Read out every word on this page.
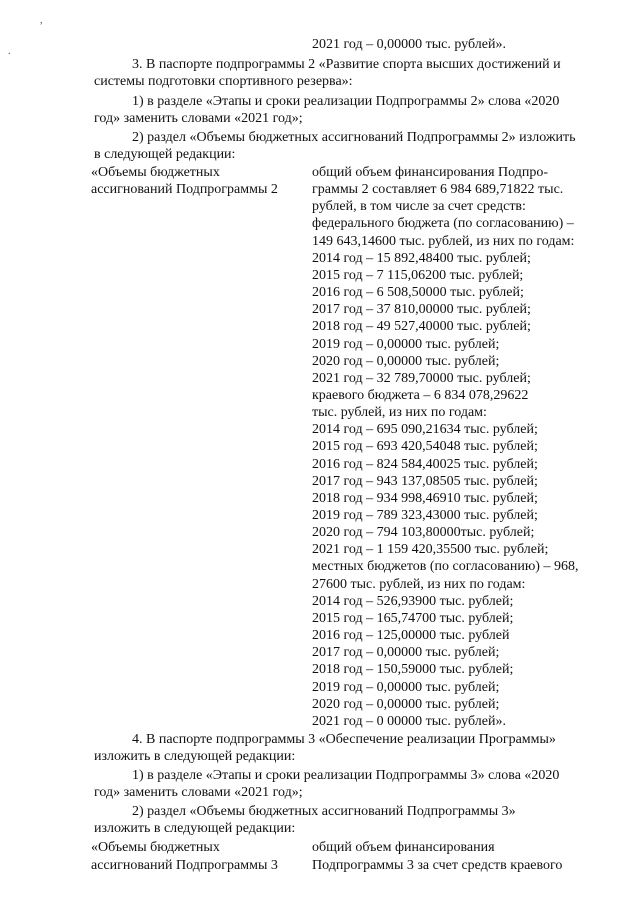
,
.	2021 год – 0,00000 тыс. рублей».
3. В паспорте подпрограммы 2 «Развитие спорта высших достижений и
системы подготовки спортивного резерва»:
1) в разделе «Этапы и сроки реализации Подпрограммы 2» слова «2020
год» заменить словами «2021 год»;
2) раздел «Объемы бюджетных ассигнований Подпрограммы 2» изложить
в следующей редакции:
«Объемы бюджетных
ассигнований Подпрограммы 2
общий объем финансирования Подпро-
граммы 2 составляет 6 984 689,71822 тыс.
рублей, в том числе за счет средств:
федерального бюджета (по согласованию) –
149 643,14600 тыс. рублей, из них по годам:
2014 год – 15 892,48400 тыс. рублей;
2015 год – 7 115,06200 тыс. рублей;
2016 год – 6 508,50000 тыс. рублей;
2017 год – 37 810,00000 тыс. рублей;
2018 год – 49 527,40000 тыс. рублей;
2019 год – 0,00000 тыс. рублей;
2020 год – 0,00000 тыс. рублей;
2021 год – 32 789,70000 тыс. рублей;
краевого бюджета – 6 834 078,29622
тыс. рублей, из них по годам:
2014 год – 695 090,21634 тыс. рублей;
2015 год – 693 420,54048 тыс. рублей;
2016 год – 824 584,40025 тыс. рублей;
2017 год – 943 137,08505 тыс. рублей;
2018 год – 934 998,46910 тыс. рублей;
2019 год – 789 323,43000 тыс. рублей;
2020 год – 794 103,80000тыс. рублей;
2021 год – 1 159 420,35500 тыс. рублей;
местных бюджетов (по согласованию) – 968,
27600 тыс. рублей, из них по годам:
2014 год – 526,93900 тыс. рублей;
2015 год – 165,74700 тыс. рублей;
2016 год – 125,00000 тыс. рублей
2017 год – 0,00000 тыс. рублей;
2018 год – 150,59000 тыс. рублей;
2019 год – 0,00000 тыс. рублей;
2020 год – 0,00000 тыс. рублей;
2021 год – 0 00000 тыс. рублей».
4. В паспорте подпрограммы 3 «Обеспечение реализации Программы»
изложить в следующей редакции:
1) в разделе «Этапы и сроки реализации Подпрограммы 3» слова «2020
год» заменить словами «2021 год»;
2) раздел «Объемы бюджетных ассигнований Подпрограммы 3»
изложить в следующей редакции:
«Объемы бюджетных
ассигнований Подпрограммы 3
общий объем финансирования
Подпрограммы 3 за счет средств краевого
